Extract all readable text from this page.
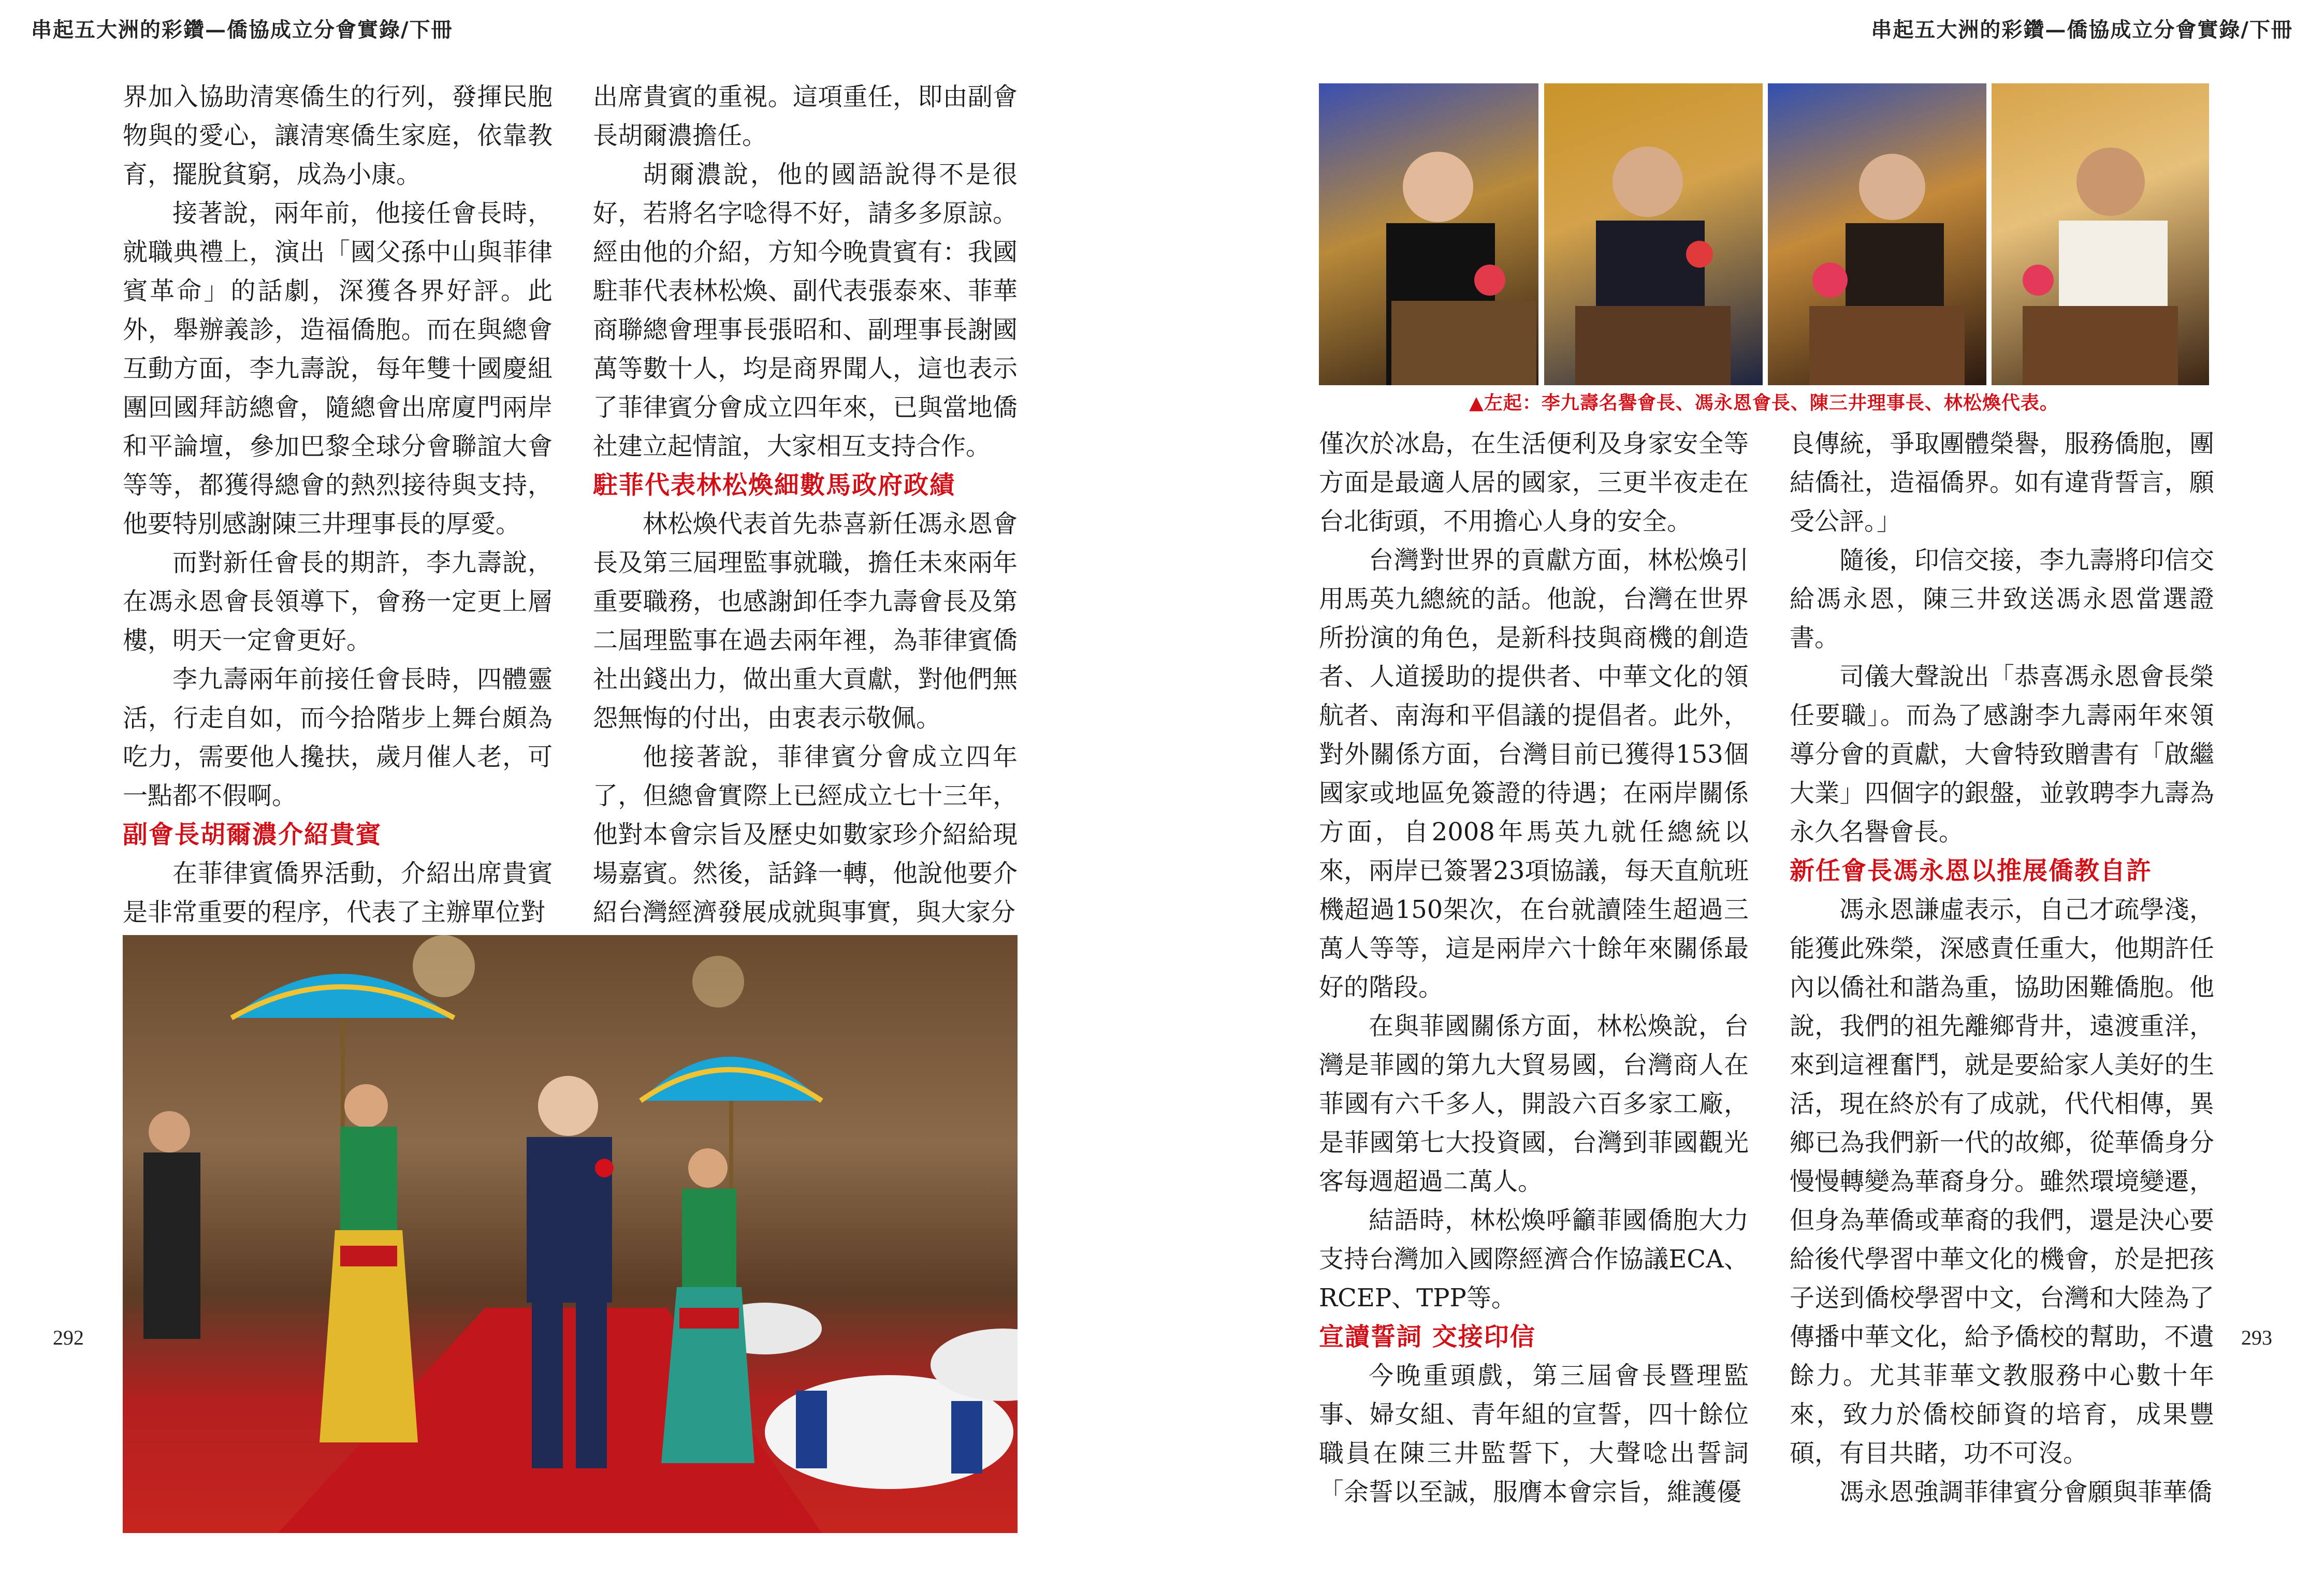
串起五大洲的彩鑽—僑協成立分會實錄/下冊	串起五大洲的彩鑽—僑協成立分會實錄/下冊

界加入協助清寒僑生的行列，發揮民胞物與的愛心，讓清寒僑生家庭，依靠教育，擺脫貧窮，成為小康。

接著說，兩年前，他接任會長時，就職典禮上，演出「國父孫中山與菲律賓革命」的話劇，深獲各界好評。此外，舉辦義診，造福僑胞。而在與總會互動方面，李九壽說，每年雙十國慶組團回國拜訪總會，隨總會出席廈門兩岸和平論壇，參加巴黎全球分會聯誼大會等等，都獲得總會的熱烈接待與支持，他要特別感謝陳三井理事長的厚愛。

而對新任會長的期許，李九壽說，在馮永恩會長領導下，會務一定更上層樓，明天一定會更好。

李九壽兩年前接任會長時，四體靈活，行走自如，而今拾階步上舞台頗為吃力，需要他人攙扶，歲月催人老，可一點都不假啊。

副會長胡爾濃介紹貴賓

在菲律賓僑界活動，介紹出席貴賓是非常重要的程序，代表了主辦單位對

出席貴賓的重視。這項重任，即由副會長胡爾濃擔任。

胡爾濃說，他的國語說得不是很好，若將名字唸得不好，請多多原諒。經由他的介紹，方知今晚貴賓有：我國駐菲代表林松煥、副代表張泰來、菲華商聯總會理事長張昭和、副理事長謝國萬等數十人，均是商界聞人，這也表示了菲律賓分會成立四年來，已與當地僑社建立起情誼，大家相互支持合作。

駐菲代表林松煥細數馬政府政績

林松煥代表首先恭喜新任馮永恩會長及第三屆理監事就職，擔任未來兩年重要職務，也感謝卸任李九壽會長及第二屆理監事在過去兩年裡，為菲律賓僑社出錢出力，做出重大貢獻，對他們無怨無悔的付出，由衷表示敬佩。

他接著說，菲律賓分會成立四年了，但總會實際上已經成立七十三年，他對本會宗旨及歷史如數家珍介紹給現場嘉賓。然後，話鋒一轉，他說他要介紹台灣經濟發展成就與事實，與大家分

292
▲左起：李九壽名譽會長、馮永恩會長、陳三井理事長、林松煥代表。

僅次於冰島，在生活便利及身家安全等方面是最適人居的國家，三更半夜走在台北街頭，不用擔心人身的安全。

台灣對世界的貢獻方面，林松煥引用馬英九總統的話。他說，台灣在世界所扮演的角色，是新科技與商機的創造者、人道援助的提供者、中華文化的領航者、南海和平倡議的提倡者。此外，對外關係方面，台灣目前已獲得153個國家或地區免簽證的待遇；在兩岸關係方面，自2008年馬英九就任總統以來，兩岸已簽署23項協議，每天直航班機超過150架次，在台就讀陸生超過三萬人等等，這是兩岸六十餘年來關係最好的階段。

在與菲國關係方面，林松煥說，台灣是菲國的第九大貿易國，台灣商人在菲國有六千多人，開設六百多家工廠，是菲國第七大投資國，台灣到菲國觀光客每週超過二萬人。

結語時，林松煥呼籲菲國僑胞大力支持台灣加入國際經濟合作協議ECA、RCEP、TPP等。

宣讀誓詞 交接印信

今晚重頭戲，第三屆會長暨理監事、婦女組、青年組的宣誓，四十餘位職員在陳三井監誓下，大聲唸出誓詞「余誓以至誠，服膺本會宗旨，維護優

良傳統，爭取團體榮譽，服務僑胞，團結僑社，造福僑界。如有違背誓言，願受公評。」

隨後，印信交接，李九壽將印信交給馮永恩，陳三井致送馮永恩當選證書。

司儀大聲說出「恭喜馮永恩會長榮任要職」。而為了感謝李九壽兩年來領導分會的貢獻，大會特致贈書有「啟繼大業」四個字的銀盤，並敦聘李九壽為永久名譽會長。

新任會長馮永恩以推展僑教自許

馮永恩謙虛表示，自己才疏學淺，能獲此殊榮，深感責任重大，他期許任內以僑社和諧為重，協助困難僑胞。他說，我們的祖先離鄉背井，遠渡重洋，來到這裡奮鬥，就是要給家人美好的生活，現在終於有了成就，代代相傳，異鄉已為我們新一代的故鄉，從華僑身分慢慢轉變為華裔身分。雖然環境變遷，但身為華僑或華裔的我們，還是決心要給後代學習中華文化的機會，於是把孩子送到僑校學習中文，台灣和大陸為了傳播中華文化，給予僑校的幫助，不遺餘力。尤其菲華文教服務中心數十年來，致力於僑校師資的培育，成果豐碩，有目共睹，功不可沒。

馮永恩強調菲律賓分會願與菲華僑

293
